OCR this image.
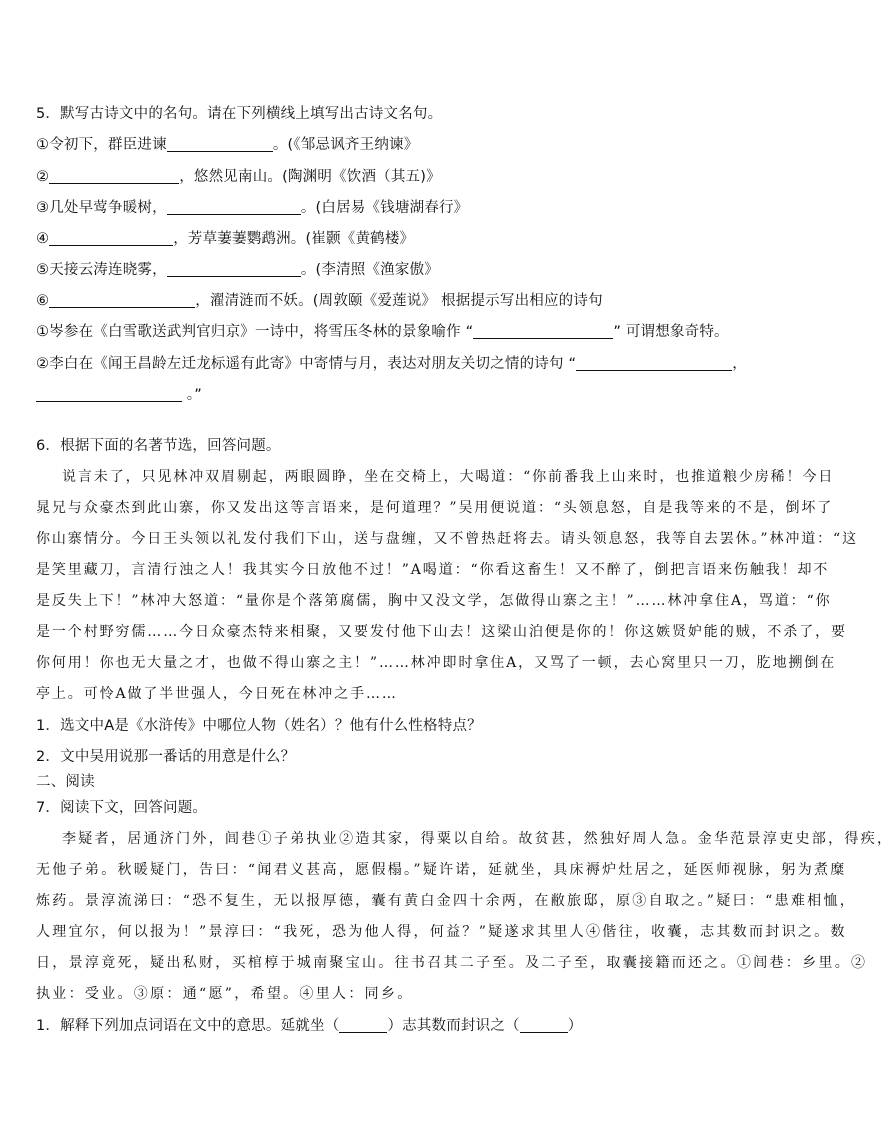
5．默写古诗文中的名句。请在下列横线上填写出古诗文名句。
①令初下，群臣进谏	。(《邹忌讽齐王纳谏》
②	，悠然见南山。(陶渊明《饮酒（其五)》
③几处早莺争暖树，	。(白居易《钱塘湖春行》
④	，芳草萋萋鹦鹉洲。(崔颢《黄鹤楼》
⑤天接云涛连晓雾，	。(李清照《渔家傲》
⑥	，濯清涟而不妖。(周敦颐《爱莲说》 根据提示写出相应的诗句
①岑参在《白雪歌送武判官归京》一诗中，将雪压冬林的景象喻作 “	” 可谓想象奇特。
②李白在《闻王昌龄左迁龙标遥有此寄》中寄情与月，表达对朋友关切之情的诗句 “	，
。”
6．根据下面的名著节选，回答问题。
说言未了，只见林冲双眉剔起，两眼圆睁，坐在交椅上，大喝道：“你前番我上山来时，也推道粮少房稀！今日
晁兄与众豪杰到此山寨，你又发出这等言语来，是何道理？”吴用便说道：“头领息怒，自是我等来的不是，倒坏了
你山寨情分。今日王头领以礼发付我们下山，送与盘缠，又不曾热赶将去。请头领息怒，我等自去罢休。”林冲道：“这
是笑里藏刀，言清行浊之人！我其实今日放他不过！”A喝道：“你看这畜生！又不醉了，倒把言语来伤触我！却不
是反失上下！”林冲大怒道：“量你是个落第腐儒，胸中又没文学，怎做得山寨之主！”……林冲拿住A，骂道：“你
是一个村野穷儒……今日众豪杰特来相聚，又要发付他下山去！这梁山泊便是你的！你这嫉贤妒能的贼，不杀了，要
你何用！你也无大量之才，也做不得山寨之主！”……林冲即时拿住A，又骂了一顿，去心窝里只一刀，肐地搠倒在
亭上。可怜A做了半世强人，今日死在林冲之手……
1．选文中A是《水浒传》中哪位人物（姓名）？他有什么性格特点？
2．文中吴用说那一番话的用意是什么？
二、阅读
7．阅读下文，回答问题。
李疑者，居通济门外，闾巷①子弟执业②造其家，得粟以自给。故贫甚，然独好周人急。金华范景淳吏史部，得疾，
无他子弟。秋暖疑门，告曰：“闻君义甚高，愿假榻。”疑许诺，延就坐，具床褥炉灶居之，延医师视脉，躬为煮糜
炼药。景淳流涕曰：“恐不复生，无以报厚德，囊有黄白金四十余两，在敝旅邸，原③自取之。”疑曰：“患难相恤，
人理宜尔，何以报为！”景淳曰：“我死，恐为他人得，何益？”疑遂求其里人④偕往，收囊，志其数而封识之。数
日，景淳竟死，疑出私财，买棺椁于城南聚宝山。往书召其二子至。及二子至，取囊接籍而还之。①闾巷：乡里。②
执业：受业。③原：通“愿”，希望。④里人：同乡。
1．解释下列加点词语在文中的意思。延就坐（	）志其数而封识之（	）
